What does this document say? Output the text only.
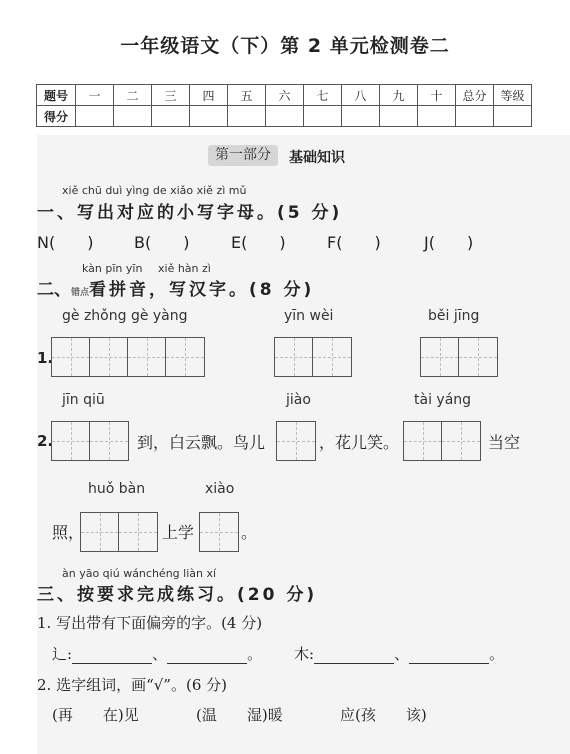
一年级语文（下）第 2 单元检测卷二
题号	一	二	三	四	五	六	七	八	九	十	总分	等级
得分												
第一部分	基础知识
xiě chū duì yìng de xiǎo xiě zì mǔ
一、写出对应的小写字母。(5 分)
N(　　)	B(　　)	E(　　)	F(　　)	J(　　)
kàn pīn yīn xiě hàn zì
二、错点看拼音，写汉字。(8 分)
gè zhǒng gè yàng	yīn wèi	běi jīng
1.
jīn qiū	jiào	tài yáng
2.	到，白云飘。鸟儿	，花儿笑。	当空
huǒ bàn	xiào
照，	上学	。
àn yāo qiú wánchéng liàn xí
三、按要求完成练习。(20 分)
1. 写出带有下面偏旁的字。(4 分)
辶:	、	。 木:	、	。
2. 选字组词，画“√”。(6 分)
(再　　在)见	(温　　湿)暖	应(孩　　该)
